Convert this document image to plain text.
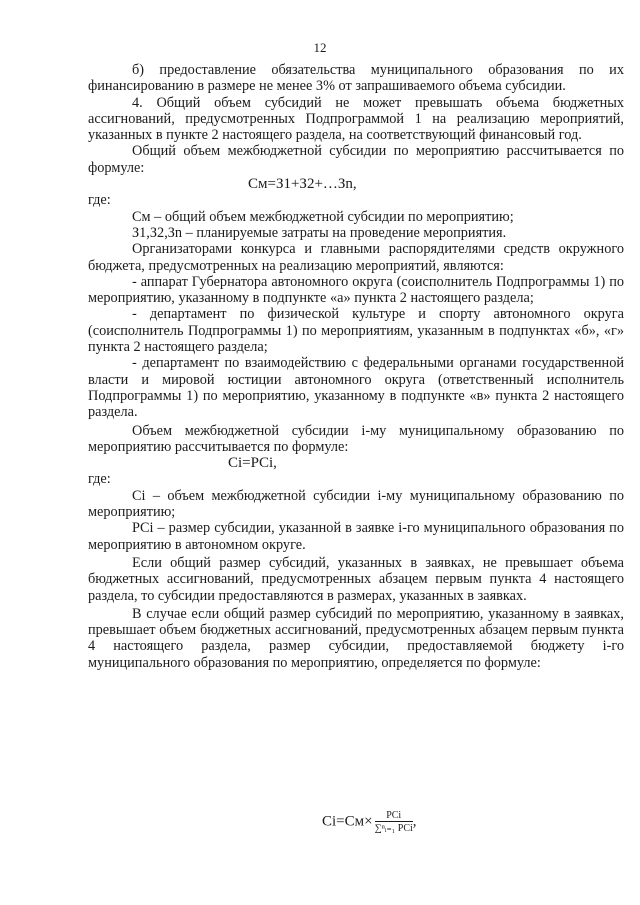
12

б) предоставление обязательства муниципального образования по их финансированию в размере не менее 3% от запрашиваемого объема субсидии.

4. Общий объем субсидий не может превышать объема бюджетных ассигнований, предусмотренных Подпрограммой 1 на реализацию мероприятий, указанных в пункте 2 настоящего раздела, на соответствующий финансовый год.

Общий объем межбюджетной субсидии по мероприятию рассчитывается по формуле:

Cм=З1+З2+…Зn,

где:

Cм – общий объем межбюджетной субсидии по мероприятию;

З1,З2,Зn – планируемые затраты на проведение мероприятия.

Организаторами конкурса и главными распорядителями средств окружного бюджета, предусмотренных на реализацию мероприятий, являются:

- аппарат Губернатора автономного округа (соисполнитель Подпрограммы 1) по мероприятию, указанному в подпункте «а» пункта 2 настоящего раздела;

- департамент по физической культуре и спорту автономного округа (соисполнитель Подпрограммы 1) по мероприятиям, указанным в подпунктах «б», «г» пункта 2 настоящего раздела;

- департамент по взаимодействию с федеральными органами государственной власти и мировой юстиции автономного округа (ответственный исполнитель Подпрограммы 1) по мероприятию, указанному в подпункте «в» пункта 2 настоящего раздела.

Объем межбюджетной субсидии i-му муниципальному образованию по мероприятию рассчитывается по формуле:

Ci=PCi,

где:

Ci – объем межбюджетной субсидии i-му муниципальному образованию по мероприятию;

PCi – размер субсидии, указанной в заявке i-го муниципального образования по мероприятию в автономном округе.

Если общий размер субсидий, указанных в заявках, не превышает объема бюджетных ассигнований, предусмотренных абзацем первым пункта 4 настоящего раздела, то субсидии предоставляются в размерах, указанных в заявках.

В случае если общий размер субсидий по мероприятию, указанному в заявках, превышает объем бюджетных ассигнований, предусмотренных абзацем первым пункта 4 настоящего раздела, размер субсидии, предоставляемой бюджету i-го муниципального образования по мероприятию, определяется по формуле:

$Ci=Cм\times \frac{\text{PCi}}{\text{∑ⁿᵢ₌₁ PCi}}$ ,
